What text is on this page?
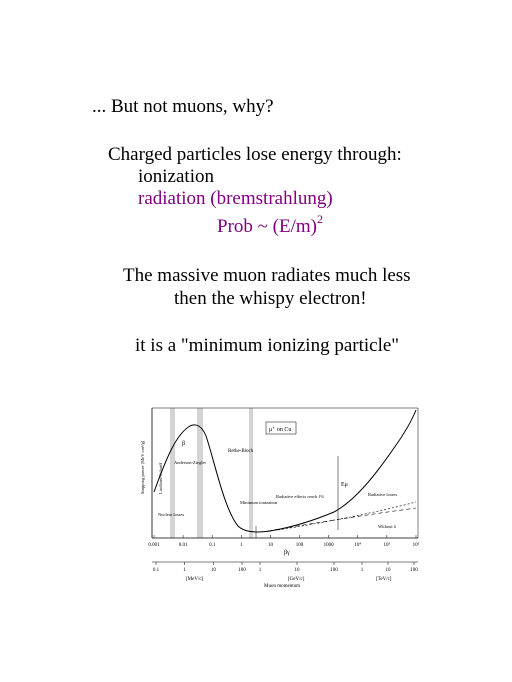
... But not muons, why?
Charged particles lose energy through:
ionization
radiation (bremstrahlung)
Prob ~ $(E/m)^2$
The massive muon radiates much less
then the whispy electron!
it is a "minimum ionizing particle"
μ⁺ on Cu
Stopping power [MeV cm²/g]	β
Anderson-Ziegler
Lindhard-Scharff
Nuclear losses
Bethe-Bloch
Minimum ionization
Radiative effects reach 1%
Eμ
Radiative losses
Without δ
0.001	0.01	0.1	1	10	100	1000	10⁴	10⁵	10⁶
βγ
0.1	1	10	100	1	10	100	1	10	100
[MeV/c]	[GeV/c]	[TeV/c]
Muon momentum
